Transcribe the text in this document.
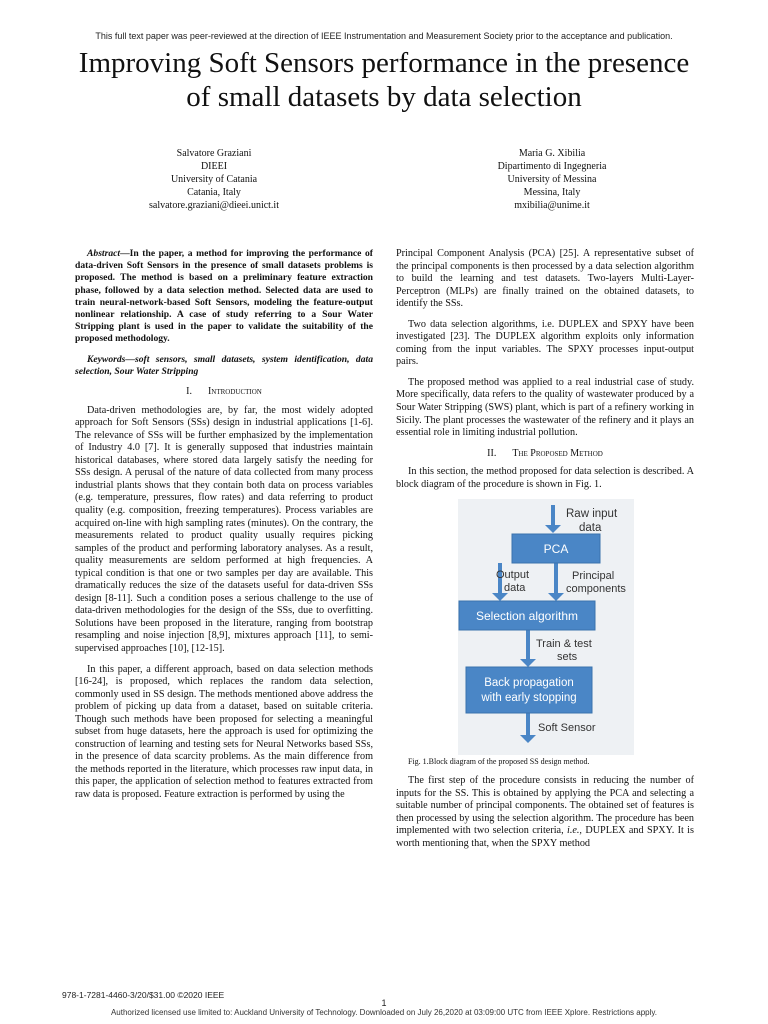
This full text paper was peer-reviewed at the direction of IEEE Instrumentation and Measurement Society prior to the acceptance and publication.
Improving Soft Sensors performance in the presence
of small datasets by data selection
Salvatore Graziani
DIEEI
University of Catania
Catania, Italy
salvatore.graziani@dieei.unict.it
Maria G. Xibilia
Dipartimento di Ingegneria
University of Messina
Messina, Italy
mxibilia@unime.it

Abstract—In the paper, a method for improving the performance of data-driven Soft Sensors in the presence of small datasets problems is proposed. The method is based on a preliminary feature extraction phase, followed by a data selection method. Selected data are used to train neural-network-based Soft Sensors, modeling the feature-output nonlinear relationship. A case of study referring to a Sour Water Stripping plant is used in the paper to validate the suitability of the proposed methodology.

Keywords—soft sensors, small datasets, system identification, data selection, Sour Water Stripping

I. Introduction

Data-driven methodologies are, by far, the most widely adopted approach for Soft Sensors (SSs) design in industrial applications [1-6]. The relevance of SSs will be further emphasized by the implementation of Industry 4.0 [7]. It is generally supposed that industries maintain historical databases, where stored data largely satisfy the needing for SSs design. A perusal of the nature of data collected from many process industrial plants shows that they contain both data on process variables (e.g. temperature, pressures, flow rates) and data referring to product quality (e.g. composition, freezing temperatures). Process variables are acquired on-line with high sampling rates (minutes). On the contrary, the measurements related to product quality usually requires picking samples of the product and performing laboratory analyses. As a result, quality measurements are seldom performed at high frequencies. A typical condition is that one or two samples per day are available. This dramatically reduces the size of the datasets useful for data-driven SSs design [8-11]. Such a condition poses a serious challenge to the use of data-driven methodologies for the design of the SSs, due to overfitting. Solutions have been proposed in the literature, ranging from bootstrap resampling and noise injection [8,9], mixtures approach [11], to semi-supervised approaches [10], [12-15].

In this paper, a different approach, based on data selection methods [16-24], is proposed, which replaces the random data selection, commonly used in SS design. The methods mentioned above address the problem of picking up data from a dataset, based on suitable criteria. Though such methods have been proposed for selecting a meaningful subset from huge datasets, here the approach is used for optimizing the construction of learning and testing sets for Neural Networks based SSs, in the presence of data scarcity problems. As the main difference from the methods reported in the literature, which processes raw input data, in this paper, the application of selection method to features extracted from raw data is proposed. Feature extraction is performed by using the

Principal Component Analysis (PCA) [25]. A representative subset of the principal components is then processed by a data selection algorithm to build the learning and test datasets. Two-layers Multi-Layer-Perceptron (MLPs) are finally trained on the obtained datasets, to identify the SSs.

Two data selection algorithms, i.e. DUPLEX and SPXY have been investigated [23]. The DUPLEX algorithm exploits only information coming from the input variables. The SPXY processes input-output pairs.

The proposed method was applied to a real industrial case of study. More specifically, data refers to the quality of wastewater produced by a Sour Water Stripping (SWS) plant, which is part of a refinery working in Sicily. The plant processes the wastewater of the refinery and it plays an essential role in limiting industrial pollution.

II. The Proposed Method

In this section, the method proposed for data selection is described. A block diagram of the procedure is shown in Fig. 1.

Raw input
data
PCA
Output
data
Principal
components
Selection algorithm
Train & test
sets
Back propagation
with early stopping
Soft Sensor

Fig. 1.Block diagram of the proposed SS design method.

The first step of the procedure consists in reducing the number of inputs for the SS. This is obtained by applying the PCA and selecting a suitable number of principal components. The obtained set of features is then processed by using the selection algorithm. The procedure has been implemented with two selection criteria, i.e., DUPLEX and SPXY. It is worth mentioning that, when the SPXY method

978-1-7281-4460-3/20/$31.00 ©2020 IEEE
1
Authorized licensed use limited to: Auckland University of Technology. Downloaded on July 26,2020 at 03:09:00 UTC from IEEE Xplore. Restrictions apply.
